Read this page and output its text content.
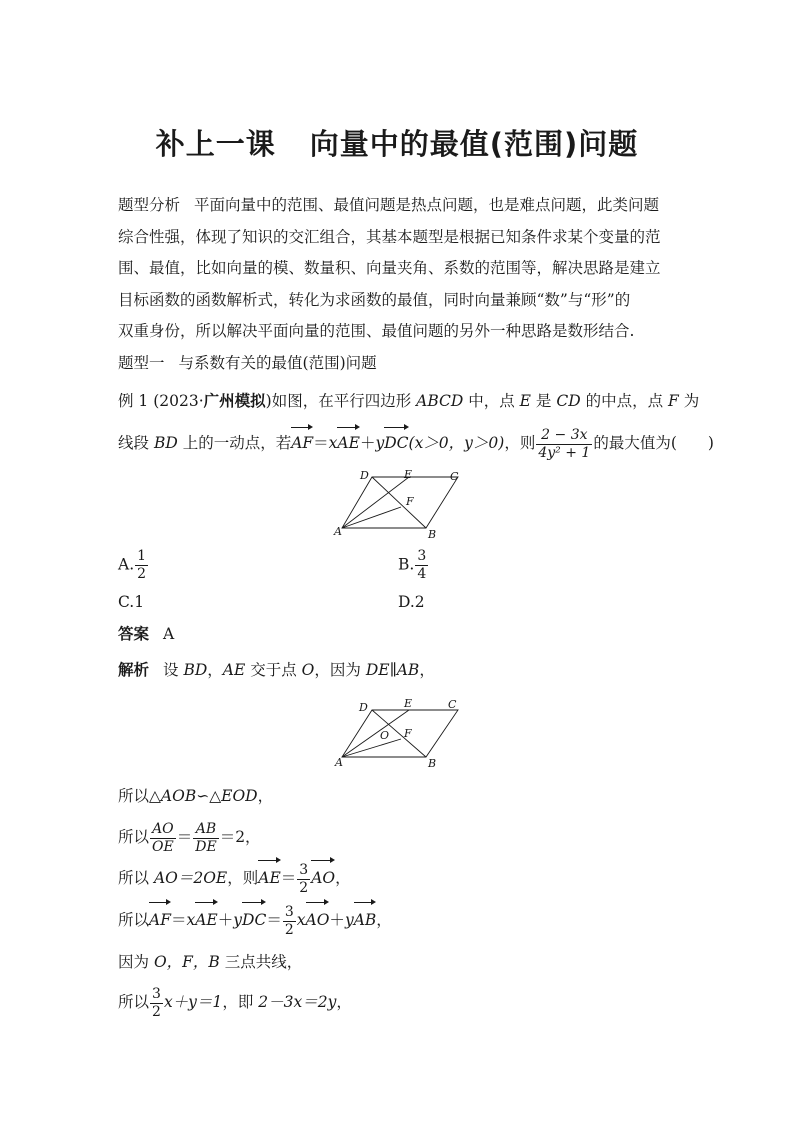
补上一课 向量中的最值(范围)问题
题型分析 平面向量中的范围、最值问题是热点问题，也是难点问题，此类问题
综合性强，体现了知识的交汇组合，其基本题型是根据已知条件求某个变量的范
围、最值，比如向量的模、数量积、向量夹角、系数的范围等，解决思路是建立
目标函数的函数解析式，转化为求函数的最值，同时向量兼顾“数”与“形”的
双重身份，所以解决平面向量的范围、最值问题的另外一种思路是数形结合.
题型一 与系数有关的最值(范围)问题
例 1 (2023·广州模拟)如图，在平行四边形 ABCD 中，点 E 是 CD 的中点，点 F 为
线段 BD 上的一动点，若AF＝xAE＋yDC(x＞0，y＞0)，则 $\frac{2 - 3x}{\text{4y² + 1}}$ 的最大值为(　　)
A	B
C
D	E
F
A. $\frac{1}{2}$	B. $\frac{3}{4}$
C.1	D.2
答案 A
解析 设 BD，AE 交于点 O，因为 DE∥AB，
A	B
C
D	E
F
O
所以△AOB∽△EOD，
所以 $\frac{AO}{OE} = \frac{AB}{DE} =2$，
所以 AO＝2OE，则$AE= \frac{3}{2}$ AO，
所以$AF=xAE+yDC= \frac{3}{2} xAO+yAB$，
因为 O，F，B 三点共线，
所以 $\frac{3}{2} x+y=1$，即 2－3x＝2y，
